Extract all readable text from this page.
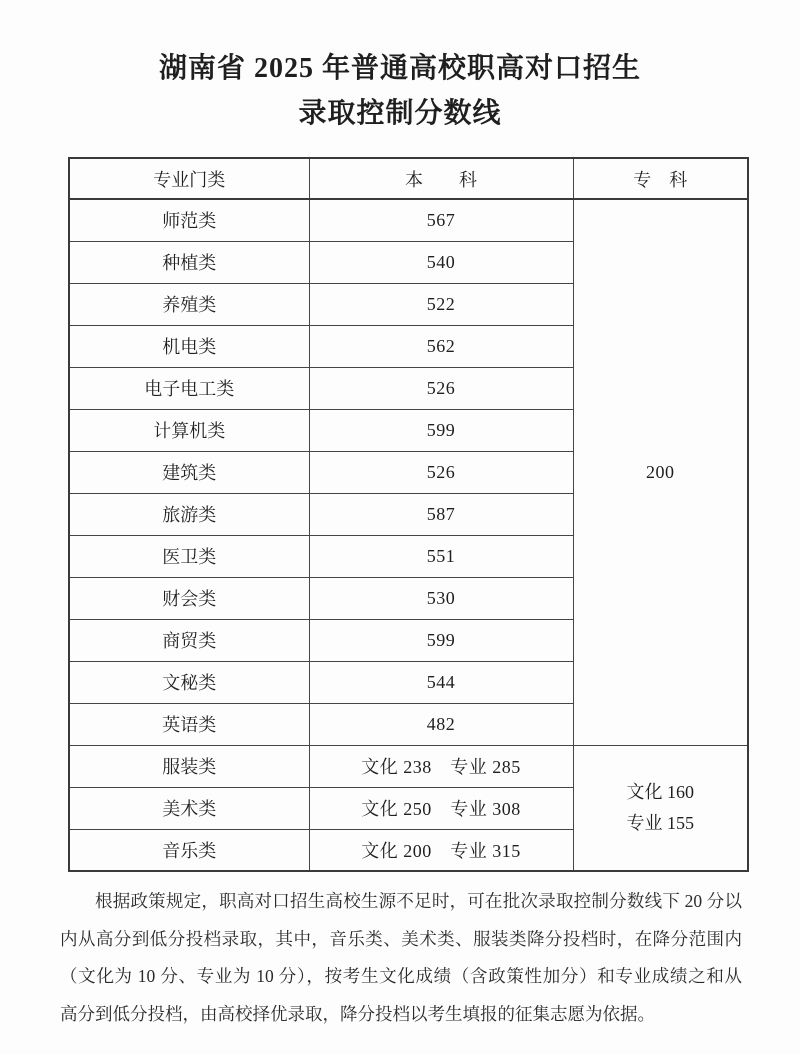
湖南省 2025 年普通高校职高对口招生
录取控制分数线
专业门类	本　　科	专　科
师范类	567	200
种植类	540	
养殖类	522	
机电类	562	
电子电工类	526	
计算机类	599	
建筑类	526	
旅游类	587	
医卫类	551	
财会类	530	
商贸类	599	
文秘类	544	
英语类	482	
服装类	文化 238　专业 285	文化 160
专业 155

美术类	文化 250　专业 308	
音乐类	文化 200　专业 315	
根据政策规定，职高对口招生高校生源不足时，可在批次录取控制分数线下 20 分以
内从高分到低分投档录取，其中，音乐类、美术类、服装类降分投档时，在降分范围内
（文化为 10 分、专业为 10 分），按考生文化成绩（含政策性加分）和专业成绩之和从
高分到低分投档，由高校择优录取，降分投档以考生填报的征集志愿为依据。
